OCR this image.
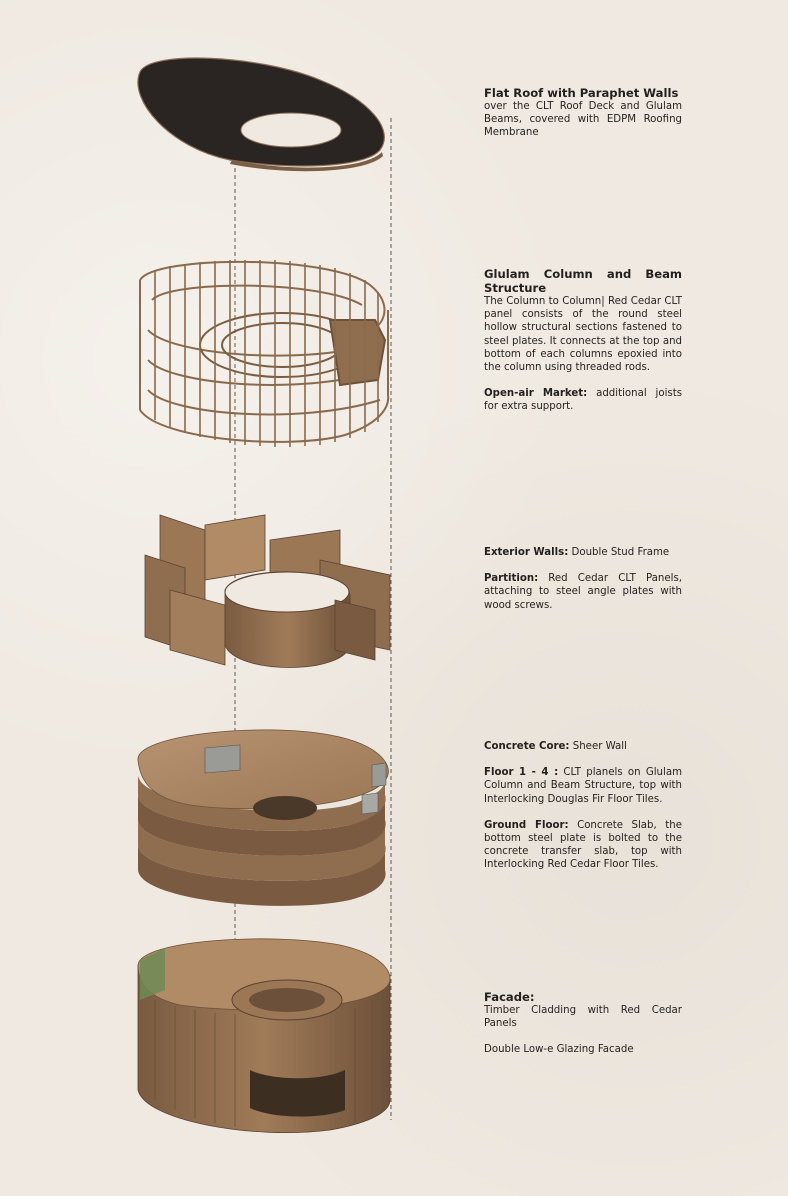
Flat Roof with Paraphet Walls
over the CLT Roof Deck and Glulam Beams, covered with EDPM Rooﬁng Membrane
Glulam Column and Beam Structure
The Column to Column| Red Cedar CLT panel consists of the round steel hollow structural sections fastened to steel plates. It connects at the top and bottom of each columns epoxied into the column using threaded rods.
Open-air Market: additional joists for extra support.
Exterior Walls: Double Stud Frame
Partition: Red Cedar CLT Panels, attaching to steel angle plates with wood screws.
Concrete Core: Sheer Wall
Floor 1 - 4 : CLT planels on Glulam Column and Beam Structure, top with Interlocking Douglas Fir Floor Tiles.
Ground Floor: Concrete Slab, the bottom steel plate is bolted to the concrete transfer slab, top with Interlocking Red Cedar Floor Tiles.
Facade:
Timber Cladding with Red Cedar Panels
Double Low-e Glazing Facade
